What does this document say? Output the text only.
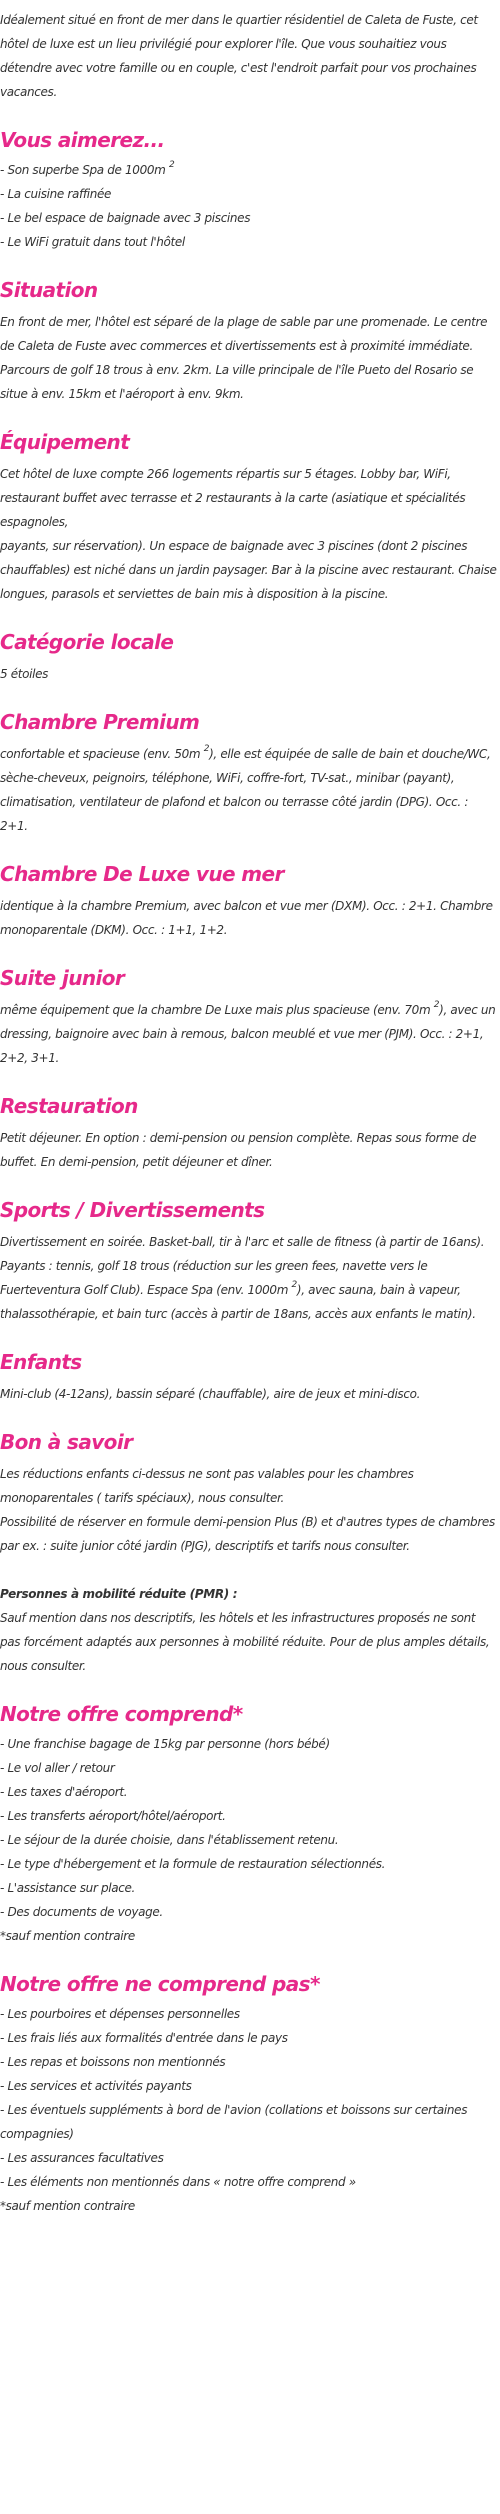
Idéalement situé en front de mer dans le quartier résidentiel de Caleta de Fuste, cet hôtel de luxe est un lieu privilégié pour explorer l'île. Que vous souhaitiez vous détendre avec votre famille ou en couple, c'est l'endroit parfait pour vos prochaines vacances.

Vous aimerez...
- Son superbe Spa de 1000m $^2$
- La cuisine raffinée
- Le bel espace de baignade avec 3 piscines
- Le WiFi gratuit dans tout l'hôtel
Situation

En front de mer, l'hôtel est séparé de la plage de sable par une promenade. Le centre de Caleta de Fuste avec commerces et divertissements est à proximité immédiate. Parcours de golf 18 trous à env. 2km. La ville principale de l'île Pueto del Rosario se situe à env. 15km et l'aéroport à env. 9km.

Équipement

Cet hôtel de luxe compte 266 logements répartis sur 5 étages. Lobby bar, WiFi, restaurant buffet avec terrasse et 2 restaurants à la carte (asiatique et spécialités espagnoles,
payants, sur réservation). Un espace de baignade avec 3 piscines (dont 2 piscines chauffables) est niché dans un jardin paysager. Bar à la piscine avec restaurant. Chaise longues, parasols et serviettes de bain mis à disposition à la piscine.

Catégorie locale

5 étoiles

Chambre Premium

confortable et spacieuse (env. 50m $^2$), elle est équipée de salle de bain et douche/WC, sèche-cheveux, peignoirs, téléphone, WiFi, coffre-fort, TV-sat., minibar (payant), climatisation, ventilateur de plafond et balcon ou terrasse côté jardin (DPG). Occ. : 2+1.

Chambre De Luxe vue mer

identique à la chambre Premium, avec balcon et vue mer (DXM). Occ. : 2+1. Chambre monoparentale (DKM). Occ. : 1+1, 1+2.

Suite junior

même équipement que la chambre De Luxe mais plus spacieuse (env. 70m $^2$), avec un dressing, baignoire avec bain à remous, balcon meublé et vue mer (PJM). Occ. : 2+1, 2+2, 3+1.

Restauration

Petit déjeuner. En option : demi-pension ou pension complète. Repas sous forme de buffet. En demi-pension, petit déjeuner et dîner.

Sports / Divertissements

Divertissement en soirée. Basket-ball, tir à l'arc et salle de fitness (à partir de 16ans).
Payants : tennis, golf 18 trous (réduction sur les green fees, navette vers le Fuerteventura Golf Club). Espace Spa (env. 1000m $^2$), avec sauna, bain à vapeur, thalassothérapie, et bain turc (accès à partir de 18ans, accès aux enfants le matin).

Enfants

Mini-club (4-12ans), bassin séparé (chauffable), aire de jeux et mini-disco.

Bon à savoir

Les réductions enfants ci-dessus ne sont pas valables pour les chambres monoparentales ( tarifs spéciaux), nous consulter.
Possibilité de réserver en formule demi-pension Plus (B) et d'autres types de chambres par ex. : suite junior côté jardin (PJG), descriptifs et tarifs nous consulter.

Personnes à mobilité réduite (PMR) :
Sauf mention dans nos descriptifs, les hôtels et les infrastructures proposés ne sont pas forcément adaptés aux personnes à mobilité réduite. Pour de plus amples détails, nous consulter.

Notre offre comprend*
- Une franchise bagage de 15kg par personne (hors bébé)
- Le vol aller / retour
- Les taxes d'aéroport.
- Les transferts aéroport/hôtel/aéroport.
- Le séjour de la durée choisie, dans l'établissement retenu.
- Le type d'hébergement et la formule de restauration sélectionnés.
- L'assistance sur place.
- Des documents de voyage.
*sauf mention contraire
Notre offre ne comprend pas*
- Les pourboires et dépenses personnelles
- Les frais liés aux formalités d'entrée dans le pays
- Les repas et boissons non mentionnés
- Les services et activités payants
- Les éventuels suppléments à bord de l'avion (collations et boissons sur certaines compagnies)
- Les assurances facultatives
- Les éléments non mentionnés dans « notre offre comprend »
*sauf mention contraire
